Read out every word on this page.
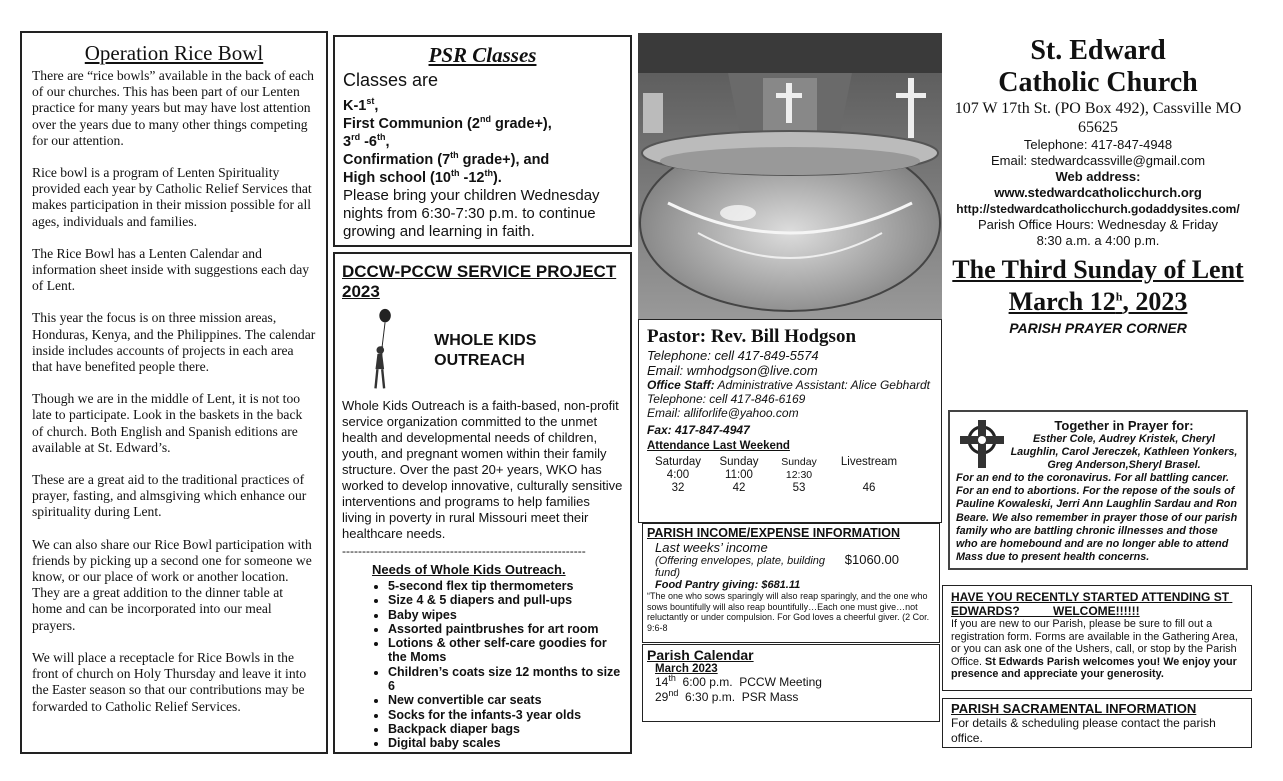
Operation Rice Bowl

There are “rice bowls” available in the back of each of our churches. This has been part of our Lenten practice for many years but may have lost attention over the years due to many other things competing for our attention.

Rice bowl is a program of Lenten Spirituality provided each year by Catholic Relief Services that makes participation in their mission possible for all ages, individuals and families.

The Rice Bowl has a Lenten Calendar and information sheet inside with suggestions each day of Lent.

This year the focus is on three mission areas, Honduras, Kenya, and the Philippines. The calendar inside includes accounts of projects in each area that have benefited people there.

Though we are in the middle of Lent, it is not too late to participate. Look in the baskets in the back of church. Both English and Spanish editions are available at St. Edward’s.

These are a great aid to the traditional practices of prayer, fasting, and almsgiving which enhance our spirituality during Lent.

We can also share our Rice Bowl participation with friends by picking up a second one for someone we know, or our place of work or another location. They are a great addition to the dinner table at home and can be incorporated into our meal prayers.

We will place a receptacle for Rice Bowls in the front of church on Holy Thursday and leave it into the Easter season so that our contributions may be forwarded to Catholic Relief Services.

PSR Classes
Classes are
K-1st,
First Communion (2nd grade+),
3rd -6th,
Confirmation (7th grade+), and
High school (10th -12th).
Please bring your children Wednesday nights from 6:30-7:30 p.m. to continue growing and learning in faith.
DCCW-PCCW SERVICE PROJECT 2023
WHOLE KIDS OUTREACH
Whole Kids Outreach is a faith-based, non-profit service organization committed to the unmet health and developmental needs of children, youth, and pregnant women within their family structure. Over the past 20+ years, WKO has worked to develop innovative, culturally sensitive interventions and programs to help families living in poverty in rural Missouri meet their healthcare needs.
-------------------------------------------------------------
Needs of Whole Kids Outreach.
• 5-second flex tip thermometers
• Size 4 & 5 diapers and pull-ups
• Baby wipes
• Assorted paintbrushes for art room
• Lotions & other self-care goodies for the Moms
• Children’s coats size 12 months to size 6
• New convertible car seats
• Socks for the infants-3 year olds
• Backpack diaper bags
• Digital baby scales
Pastor: Rev. Bill Hodgson
Telephone: cell 417-849-5574
Email: wmhodgson@live.com
Office Staff: Administrative Assistant: Alice Gebhardt
Telephone: cell 417-846-6169
Email: alliforlife@yahoo.com
Fax: 417-847-4947
Attendance Last Weekend
Saturday	Sunday	Sunday	Livestream
4:00	11:00	12:30
32	42	53	46
PARISH INCOME/EXPENSE INFORMATION
Last weeks’ income
(Offering envelopes, plate, building fund)
$1060.00
Food Pantry giving: $681.11
“The one who sows sparingly will also reap sparingly, and the one who sows bountifully will also reap bountifully…Each one must give…not reluctantly or under compulsion. For God loves a cheerful giver. (2 Cor. 9:6-8
Parish Calendar
March 2023
14th  6:00 p.m.  PCCW Meeting
29nd  6:30 p.m.  PSR Mass
St. Edward
Catholic Church
107 W 17th St. (PO Box 492), Cassville MO 65625
Telephone: 417-847-4948
Email: stedwardcassville@gmail.com
Web address:
www.stedwardcatholicchurch.org
http://stedwardcatholicchurch.godaddysites.com/
Parish Office Hours: Wednesday & Friday
8:30 a.m. a 4:00 p.m.
The Third Sunday of Lent
March 12$^h$, 2023
PARISH PRAYER CORNER
Together in Prayer for:
Esther Cole, Audrey Kristek, Cheryl Laughlin, Carol Jereczek, Kathleen Yonkers, Greg Anderson,Sheryl Brasel.
For an end to the coronavirus. For all battling cancer. For an end to abortions. For the repose of the souls of Pauline Kowaleski, Jerri Ann Laughlin Sardau and Ron Beare. We also remember in prayer those of our parish family who are battling chronic illnesses and those who are homebound and are no longer able to attend Mass due to present health concerns.
HAVE YOU RECENTLY STARTED ATTENDING ST EDWARDS?          WELCOME!!!!!!
If you are new to our Parish, please be sure to fill out a registration form. Forms are available in the Gathering Area, or you can ask one of the Ushers, call, or stop by the Parish Office. St Edwards Parish welcomes you! We enjoy your presence and appreciate your generosity.
PARISH SACRAMENTAL INFORMATION
For details & scheduling please contact the parish office.
